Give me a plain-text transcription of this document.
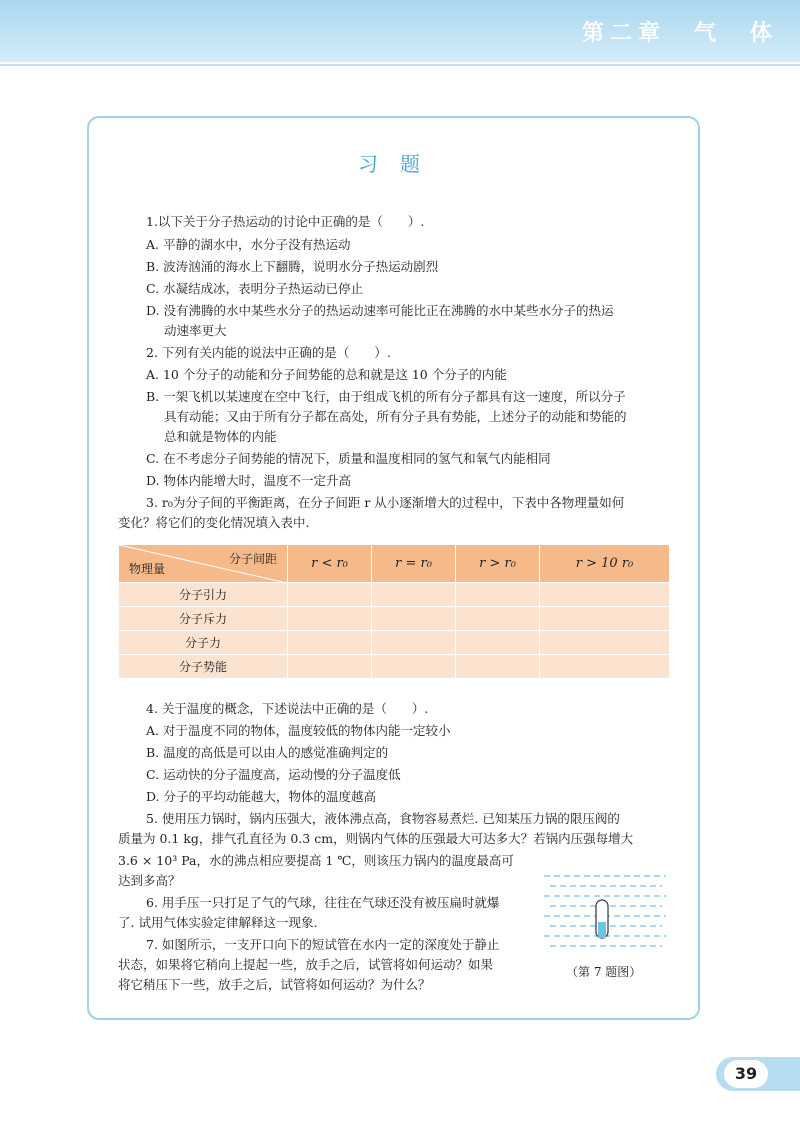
第二章　气　体
习题
1.以下关于分子热运动的讨论中正确的是（　　）.
A. 平静的湖水中，水分子没有热运动
B. 波涛汹涌的海水上下翻腾，说明水分子热运动剧烈
C. 水凝结成冰，表明分子热运动已停止
D. 没有沸腾的水中某些水分子的热运动速率可能比正在沸腾的水中某些水分子的热运
动速率更大
2. 下列有关内能的说法中正确的是（　　）.
A. 10 个分子的动能和分子间势能的总和就是这 10 个分子的内能
B. 一架飞机以某速度在空中飞行，由于组成飞机的所有分子都具有这一速度，所以分子
具有动能；又由于所有分子都在高处，所有分子具有势能，上述分子的动能和势能的
总和就是物体的内能
C. 在不考虑分子间势能的情况下，质量和温度相同的氢气和氧气内能相同
D. 物体内能增大时，温度不一定升高
3. r₀为分子间的平衡距离，在分子间距 r 从小逐渐增大的过程中，下表中各物理量如何
变化？将它们的变化情况填入表中.
分子间距
物理量	r < r₀	r = r₀	r > r₀	r > 10 r₀
分子引力				
分子斥力				
分子力				
分子势能				
4. 关于温度的概念，下述说法中正确的是（　　）.
A. 对于温度不同的物体，温度较低的物体内能一定较小
B. 温度的高低是可以由人的感觉准确判定的
C. 运动快的分子温度高，运动慢的分子温度低
D. 分子的平均动能越大，物体的温度越高
5. 使用压力锅时，锅内压强大，液体沸点高，食物容易煮烂. 已知某压力锅的限压阀的
质量为 0.1 kg，排气孔直径为 0.3 cm，则锅内气体的压强最大可达多大？若锅内压强每增大
3.6 × 10³ Pa，水的沸点相应要提高 1 ℃，则该压力锅内的温度最高可
达到多高？
6. 用手压一只打足了气的气球，往往在气球还没有被压扁时就爆
了. 试用气体实验定律解释这一现象.
7. 如图所示，一支开口向下的短试管在水内一定的深度处于静止
状态，如果将它稍向上提起一些，放手之后，试管将如何运动？如果
将它稍压下一些，放手之后，试管将如何运动？为什么？
（第 7 题图）
39
